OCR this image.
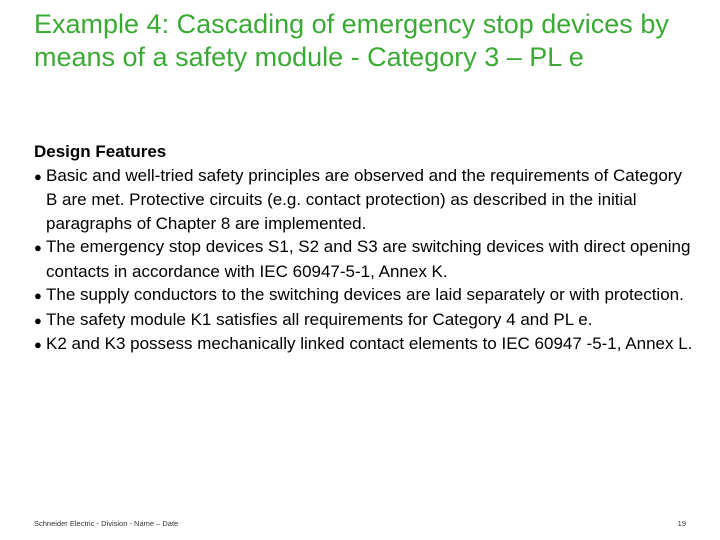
Example 4: Cascading of emergency stop devices by means of a safety module - Category 3 – PL e

Design Features

● Basic and well-tried safety principles are observed and the requirements of Category B are met. Protective circuits (e.g. contact protection) as described in the initial paragraphs of Chapter 8 are implemented.
● The emergency stop devices S1, S2 and S3 are switching devices with direct opening contacts in accordance with IEC 60947-5-1, Annex K.
● The supply conductors to the switching devices are laid separately or with protection.
● The safety module K1 satisfies all requirements for Category 4 and PL e.
● K2 and K3 possess mechanically linked contact elements to IEC 60947 -5-1, Annex L.
Schneider Electric - Division - Name – Date	19
